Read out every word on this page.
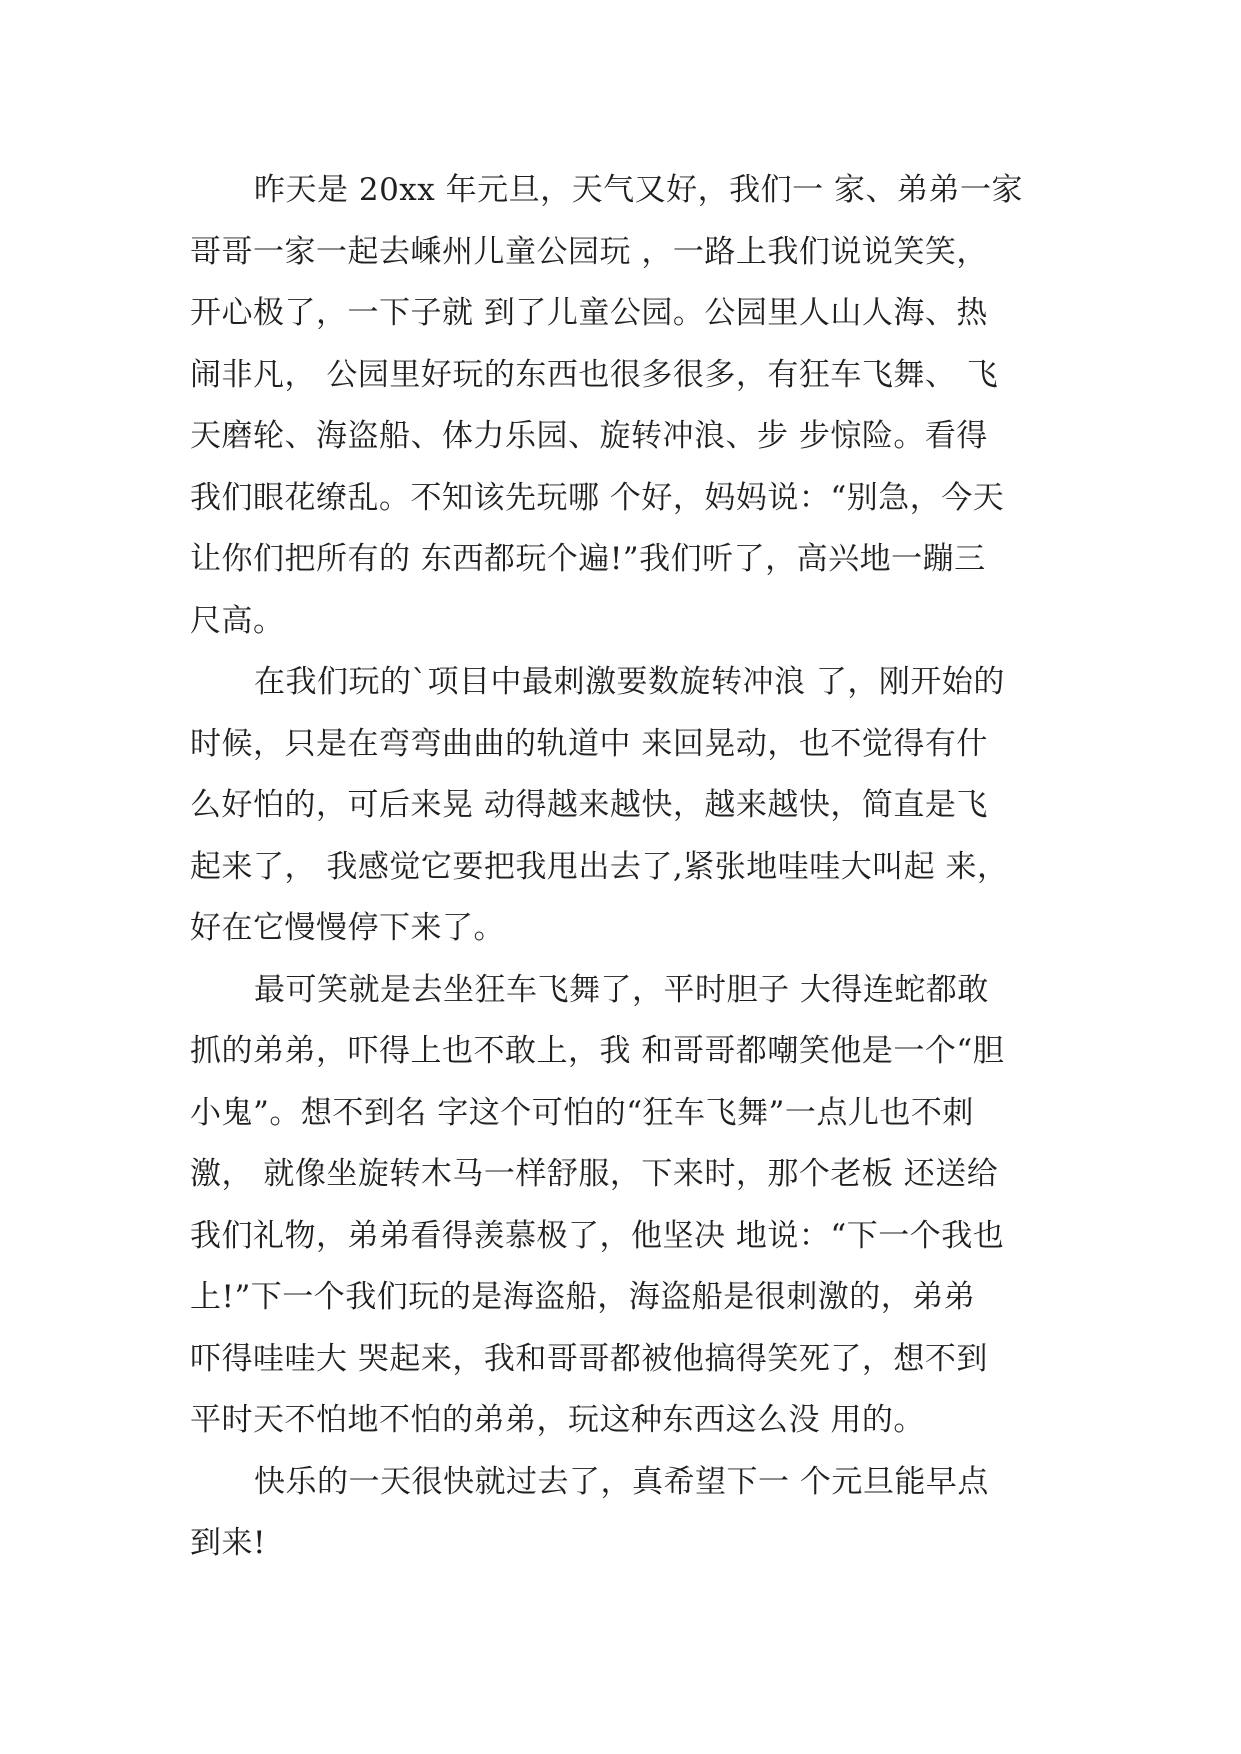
昨天是 20xx 年元旦，天气又好，我们一 家、弟弟一家
哥哥一家一起去嵊州儿童公园玩 ，一路上我们说说笑笑，
开心极了，一下子就 到了儿童公园。公园里人山人海、热
闹非凡， 公园里好玩的东西也很多很多，有狂车飞舞、 飞
天磨轮、海盗船、体力乐园、旋转冲浪、步 步惊险。看得
我们眼花缭乱。不知该先玩哪 个好，妈妈说：“别急，今天
让你们把所有的 东西都玩个遍!”我们听了，高兴地一蹦三
尺高。
在我们玩的`项目中最刺激要数旋转冲浪 了，刚开始的
时候，只是在弯弯曲曲的轨道中 来回晃动，也不觉得有什
么好怕的，可后来晃 动得越来越快，越来越快，简直是飞
起来了， 我感觉它要把我甩出去了,紧张地哇哇大叫起 来，
好在它慢慢停下来了。
最可笑就是去坐狂车飞舞了，平时胆子 大得连蛇都敢
抓的弟弟，吓得上也不敢上，我 和哥哥都嘲笑他是一个“胆
小鬼”。想不到名 字这个可怕的“狂车飞舞”一点儿也不刺
激， 就像坐旋转木马一样舒服，下来时，那个老板 还送给
我们礼物，弟弟看得羡慕极了，他坚决 地说：“下一个我也
上!”下一个我们玩的是海盗船，海盗船是很刺激的，弟弟
吓得哇哇大 哭起来，我和哥哥都被他搞得笑死了，想不到
平时天不怕地不怕的弟弟，玩这种东西这么没 用的。
快乐的一天很快就过去了，真希望下一 个元旦能早点
到来!
